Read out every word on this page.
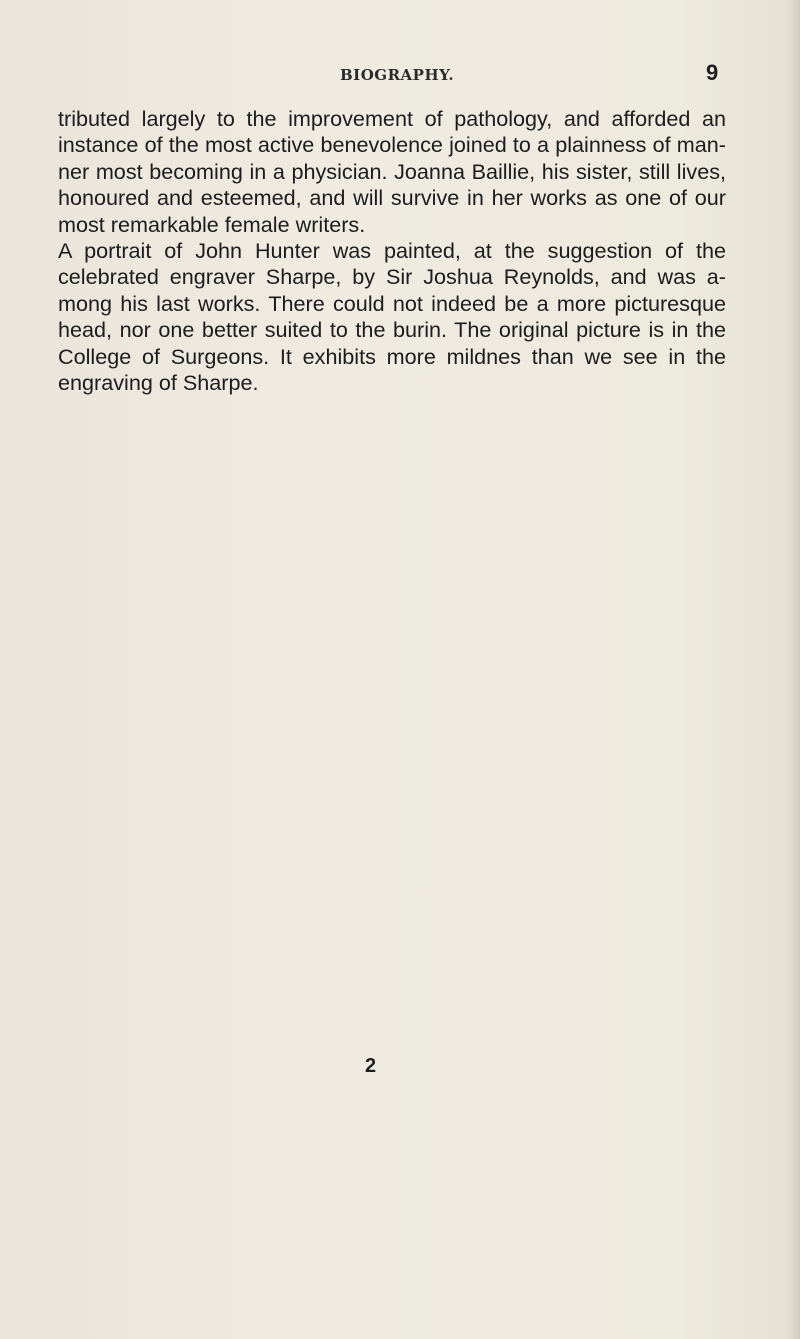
BIOGRAPHY.	9

tributed largely to the improvement of pathology, and afforded an instance of the most active benevolence joined to a plainness of man- ner most becoming in a physician. Joanna Baillie, his sister, still lives, honoured and esteemed, and will survive in her works as one of our most remarkable female writers.

A portrait of John Hunter was painted, at the suggestion of the celebrated engraver Sharpe, by Sir Joshua Reynolds, and was a- mong his last works. There could not indeed be a more picturesque head, nor one better suited to the burin. The original picture is in the College of Surgeons. It exhibits more mildnes than we see in the engraving of Sharpe.

2
